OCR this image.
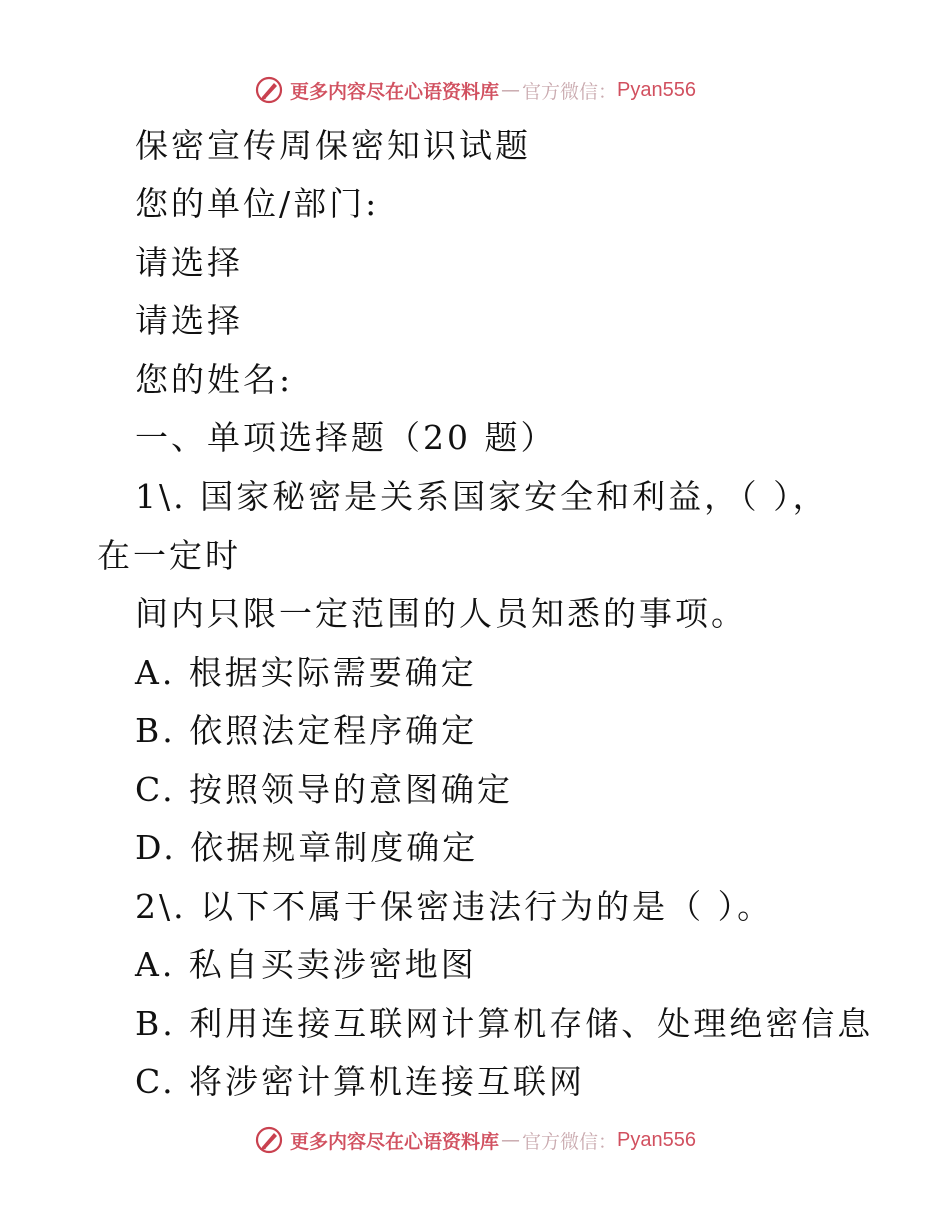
更多内容尽在心语资料库 — 官方微信： Pyan556
保密宣传周保密知识试题
您的单位/部门:
请选择
请选择
您的姓名:
一、单项选择题（20 题）
1\. 国家秘密是关系国家安全和利益，（ ），
在一定时
间内只限一定范围的人员知悉的事项。
A. 根据实际需要确定
B. 依照法定程序确定
C. 按照领导的意图确定
D. 依据规章制度确定
2\. 以下不属于保密违法行为的是（ ）。
A. 私自买卖涉密地图
B. 利用连接互联网计算机存储、处理绝密信息
C. 将涉密计算机连接互联网
更多内容尽在心语资料库 — 官方微信： Pyan556
